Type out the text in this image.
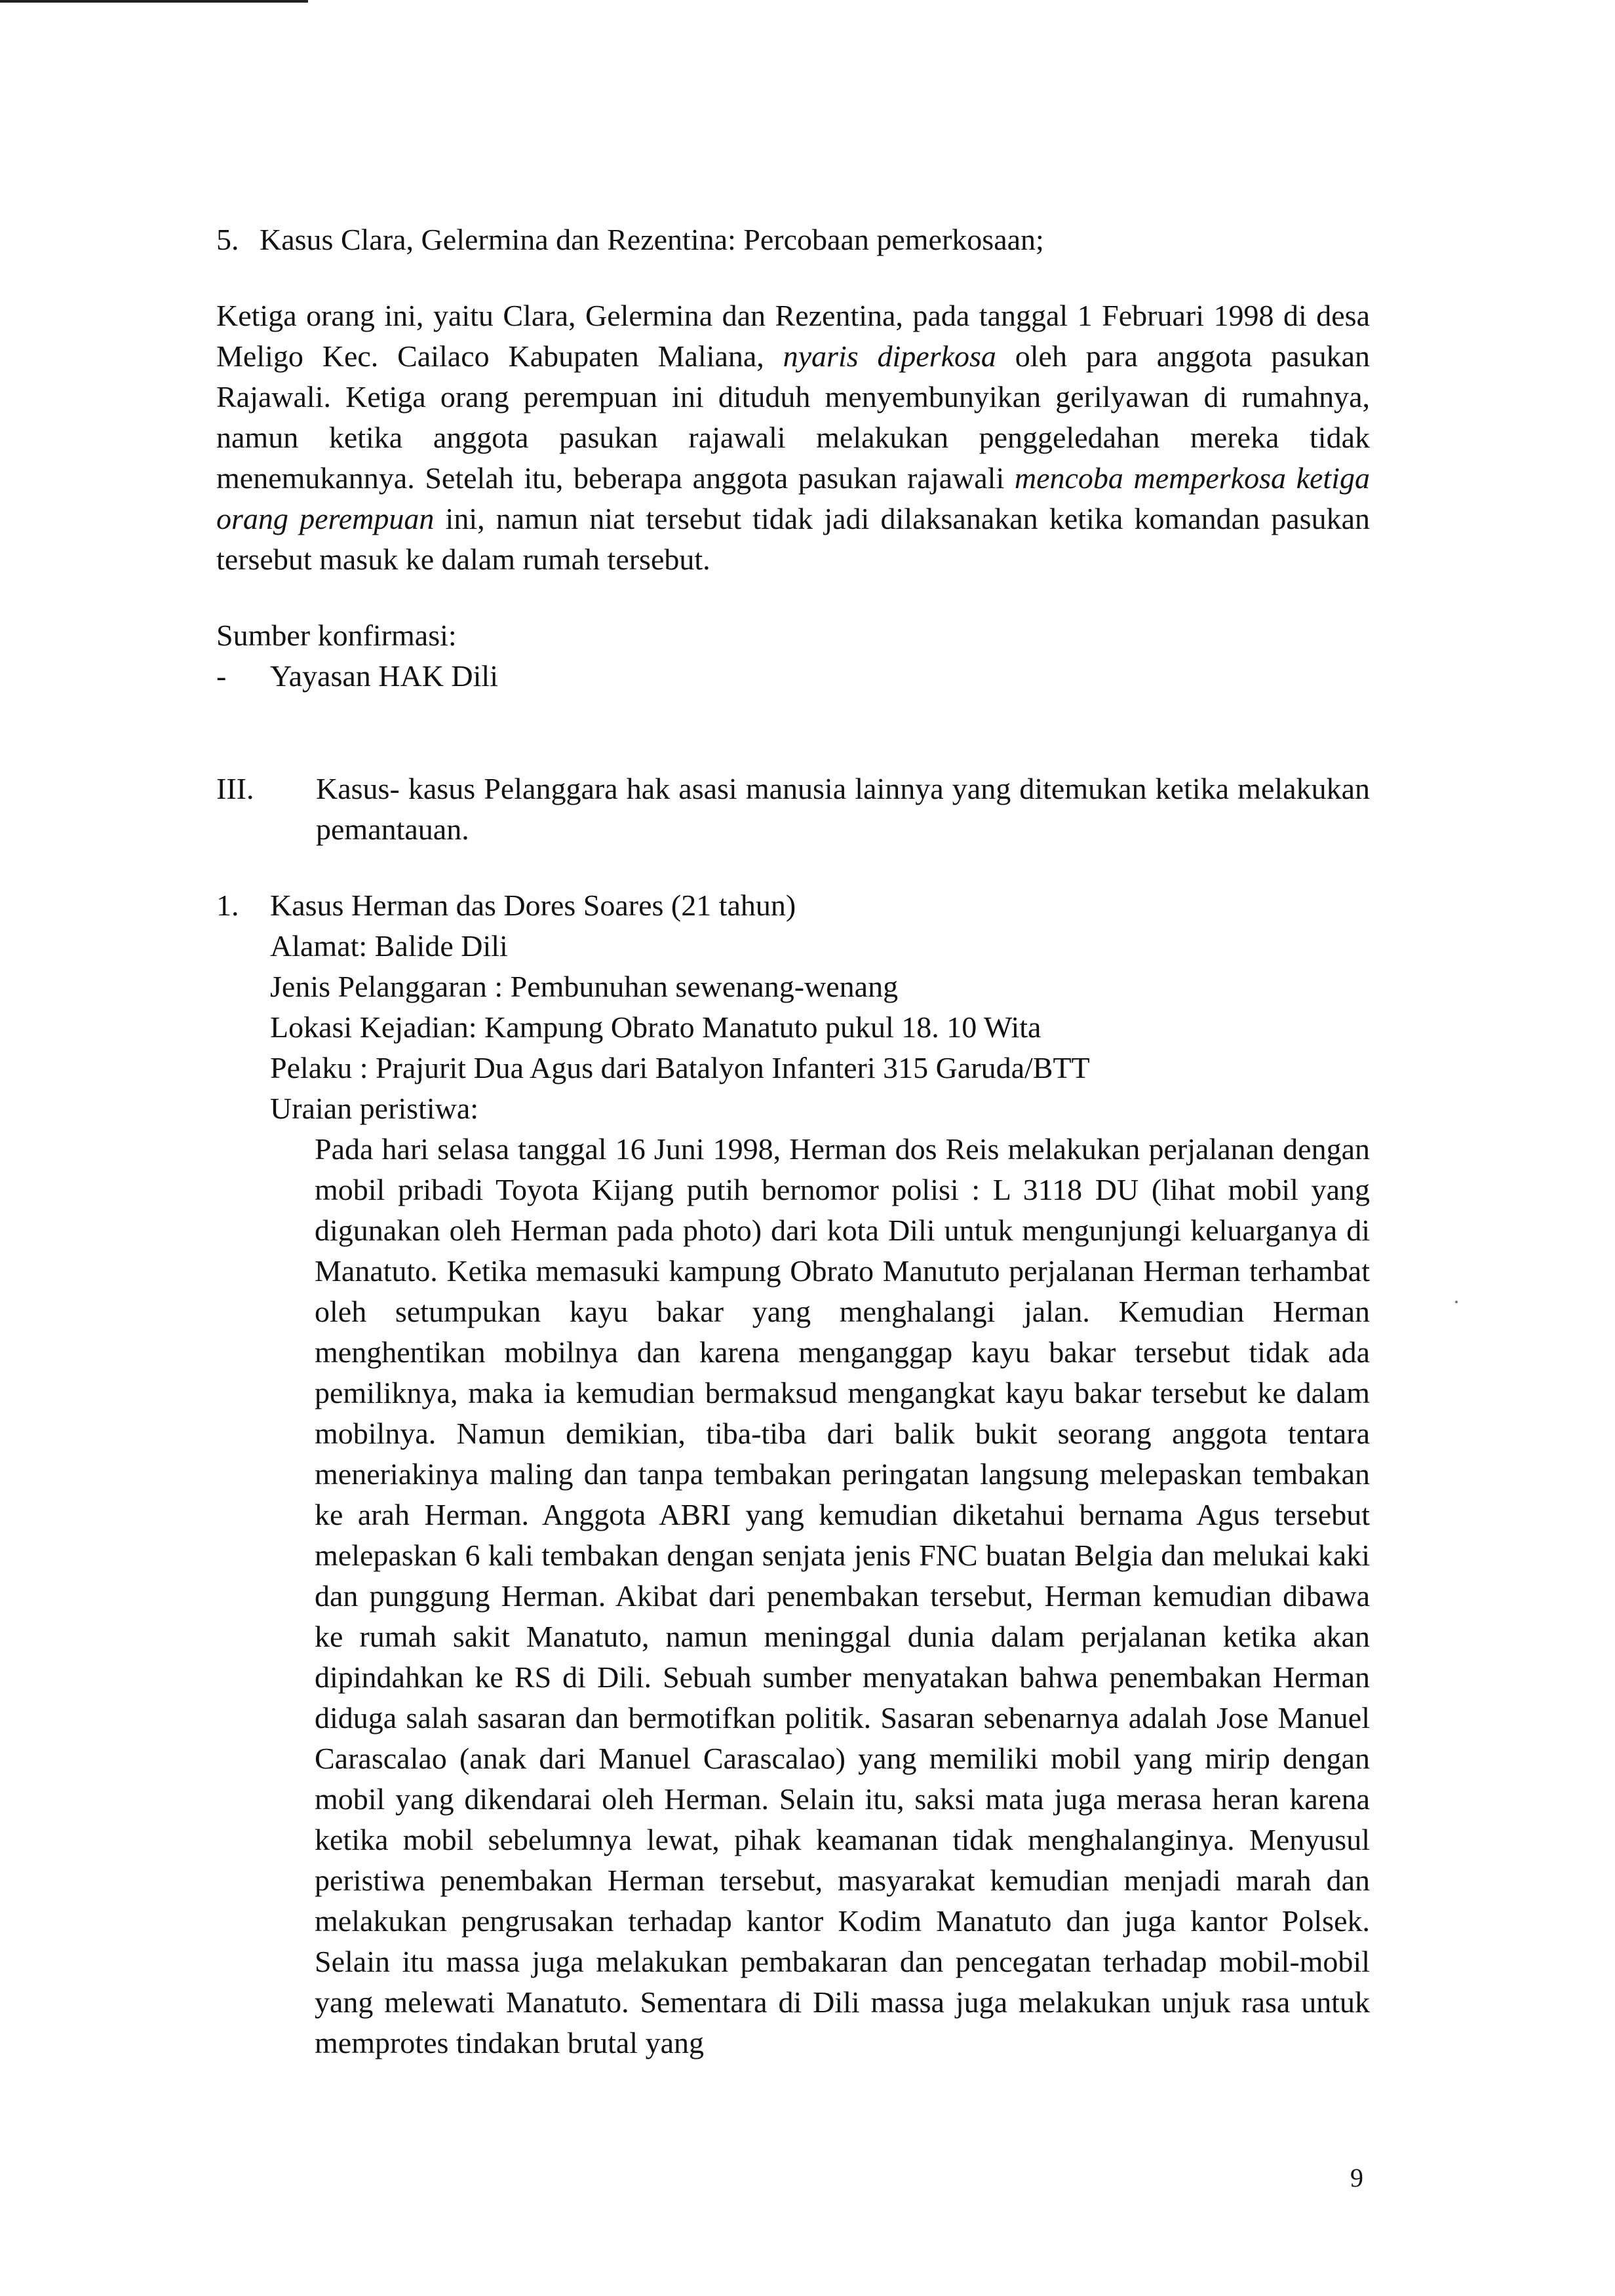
5. Kasus Clara, Gelermina dan Rezentina: Percobaan pemerkosaan;
Ketiga orang ini, yaitu Clara, Gelermina dan Rezentina, pada tanggal 1 Februari 1998 di desa Meligo Kec. Cailaco Kabupaten Maliana, nyaris diperkosa oleh para anggota pasukan Rajawali. Ketiga orang perempuan ini dituduh menyembunyikan gerilyawan di rumahnya, namun ketika anggota pasukan rajawali melakukan penggeledahan mereka tidak menemukannya. Setelah itu, beberapa anggota pasukan rajawali mencoba memperkosa ketiga orang perempuan ini, namun niat tersebut tidak jadi dilaksanakan ketika komandan pasukan tersebut masuk ke dalam rumah tersebut.
Sumber konfirmasi:
-	Yayasan HAK Dili
III.	Kasus- kasus Pelanggara hak asasi manusia lainnya yang ditemukan ketika melakukan pemantauan.
1.	Kasus Herman das Dores Soares (21 tahun)
Alamat: Balide Dili
Jenis Pelanggaran : Pembunuhan sewenang-wenang
Lokasi Kejadian: Kampung Obrato Manatuto pukul 18. 10 Wita
Pelaku : Prajurit Dua Agus dari Batalyon Infanteri 315 Garuda/BTT
Uraian peristiwa:
Pada hari selasa tanggal 16 Juni 1998, Herman dos Reis melakukan perjalanan dengan mobil pribadi Toyota Kijang putih bernomor polisi : L 3118 DU (lihat mobil yang digunakan oleh Herman pada photo) dari kota Dili untuk mengunjungi keluarganya di Manatuto. Ketika memasuki kampung Obrato Manututo perjalanan Herman terhambat oleh setumpukan kayu bakar yang menghalangi jalan. Kemudian Herman menghentikan mobilnya dan karena menganggap kayu bakar tersebut tidak ada pemiliknya, maka ia kemudian bermaksud mengangkat kayu bakar tersebut ke dalam mobilnya. Namun demikian, tiba-tiba dari balik bukit seorang anggota tentara meneriakinya maling dan tanpa tembakan peringatan langsung melepaskan tembakan ke arah Herman. Anggota ABRI yang kemudian diketahui bernama Agus tersebut melepaskan 6 kali tembakan dengan senjata jenis FNC buatan Belgia dan melukai kaki dan punggung Herman. Akibat dari penembakan tersebut, Herman kemudian dibawa ke rumah sakit Manatuto, namun meninggal dunia dalam perjalanan ketika akan dipindahkan ke RS di Dili. Sebuah sumber menyatakan bahwa penembakan Herman diduga salah sasaran dan bermotifkan politik. Sasaran sebenarnya adalah Jose Manuel Carascalao (anak dari Manuel Carascalao) yang memiliki mobil yang mirip dengan mobil yang dikendarai oleh Herman. Selain itu, saksi mata juga merasa heran karena ketika mobil sebelumnya lewat, pihak keamanan tidak menghalanginya. Menyusul peristiwa penembakan Herman tersebut, masyarakat kemudian menjadi marah dan melakukan pengrusakan terhadap kantor Kodim Manatuto dan juga kantor Polsek. Selain itu massa juga melakukan pembakaran dan pencegatan terhadap mobil-mobil yang melewati Manatuto. Sementara di Dili massa juga melakukan unjuk rasa untuk memprotes tindakan brutal yang
9
